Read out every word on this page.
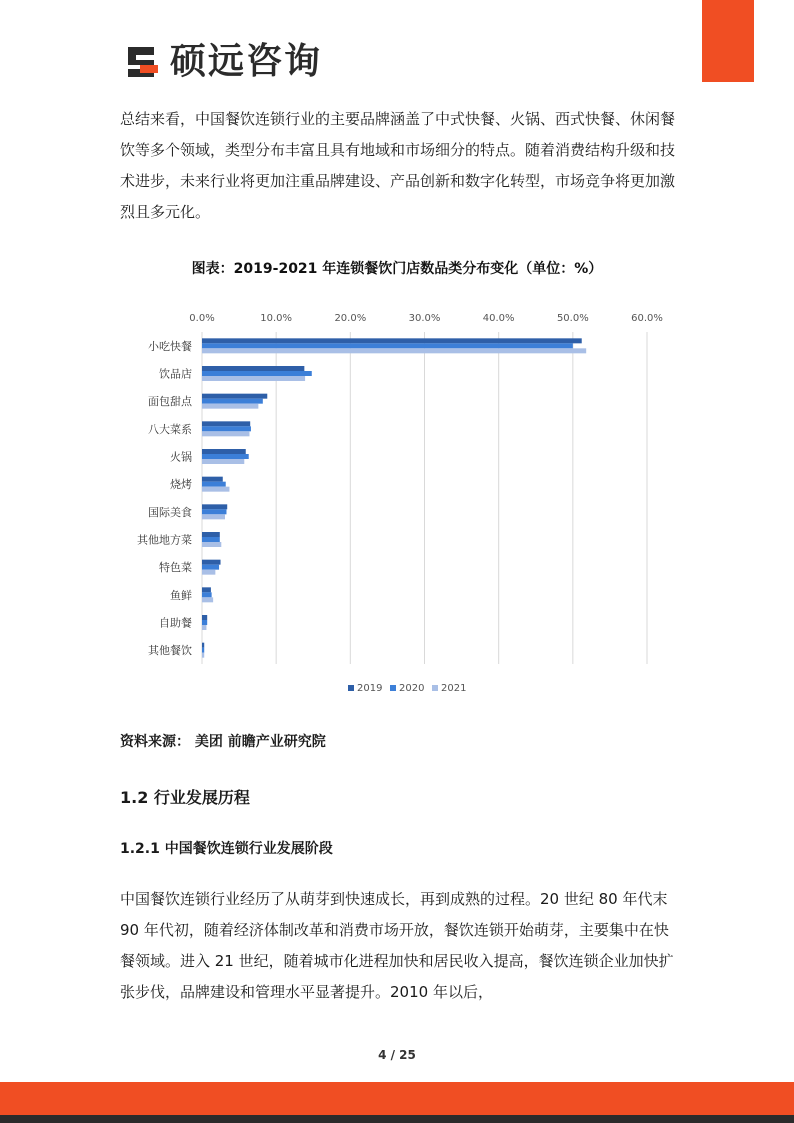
硕远咨询

总结来看，中国餐饮连锁行业的主要品牌涵盖了中式快餐、火锅、西式快餐、休闲餐饮等多个领域，类型分布丰富且具有地域和市场细分的特点。随着消费结构升级和技术进步，未来行业将更加注重品牌建设、产品创新和数字化转型，市场竞争将更加激烈且多元化。

图表：2019-2021 年连锁餐饮门店数品类分布变化（单位：%）
0.0%	10.0%	20.0%	30.0%	40.0%	50.0%	60.0%
小吃快餐
饮品店
面包甜点
八大菜系
火锅
烧烤
国际美食
其他地方菜
特色菜
鱼鲜
自助餐
其他餐饮
2019 2020 2021
资料来源： 美团 前瞻产业研究院
1.2 行业发展历程
1.2.1 中国餐饮连锁行业发展阶段

中国餐饮连锁行业经历了从萌芽到快速成长，再到成熟的过程。20 世纪 80 年代末 90 年代初，随着经济体制改革和消费市场开放，餐饮连锁开始萌芽，主要集中在快餐领域。进入 21 世纪，随着城市化进程加快和居民收入提高，餐饮连锁企业加快扩张步伐，品牌建设和管理水平显著提升。2010 年以后，

4 / 25
